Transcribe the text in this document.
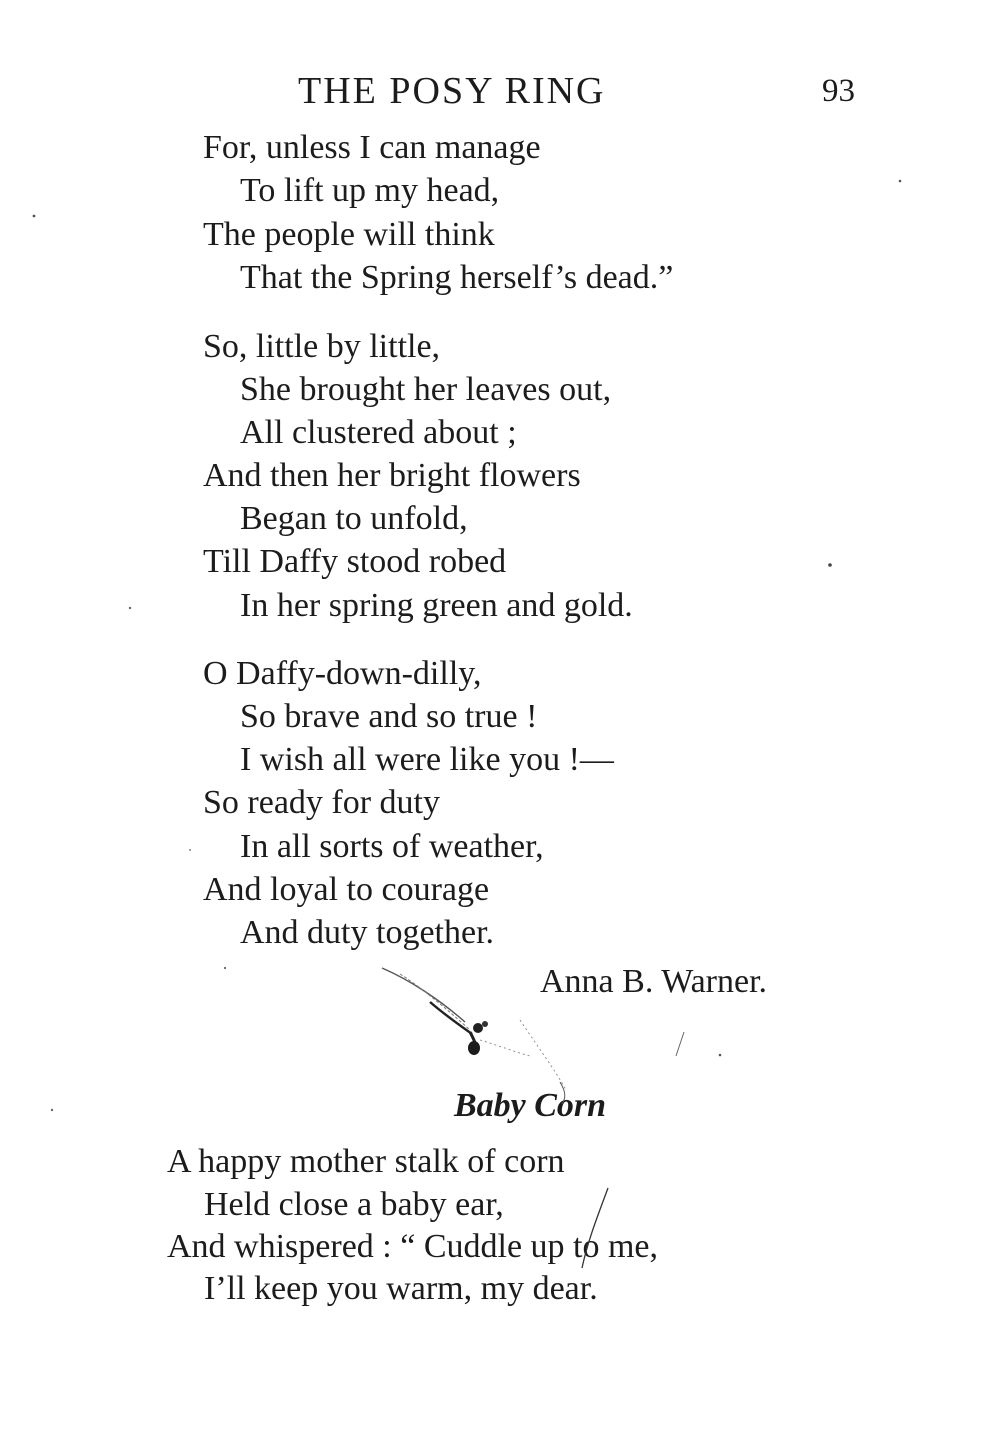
THE POSY RING	93
For, unless I can manage
To lift up my head,
The people will think
That the Spring herself’s dead.”
So, little by little,
She brought her leaves out,
All clustered about ;
And then her bright flowers
Began to unfold,
Till Daffy stood robed
In her spring green and gold.
O Daffy-down-dilly,
So brave and so true !
I wish all were like you !—
So ready for duty
In all sorts of weather,
And loyal to courage
And duty together.
Anna B. Warner.
Baby Corn
A happy mother stalk of corn
Held close a baby ear,
And whispered : “ Cuddle up to me,
I’ll keep you warm, my dear.
